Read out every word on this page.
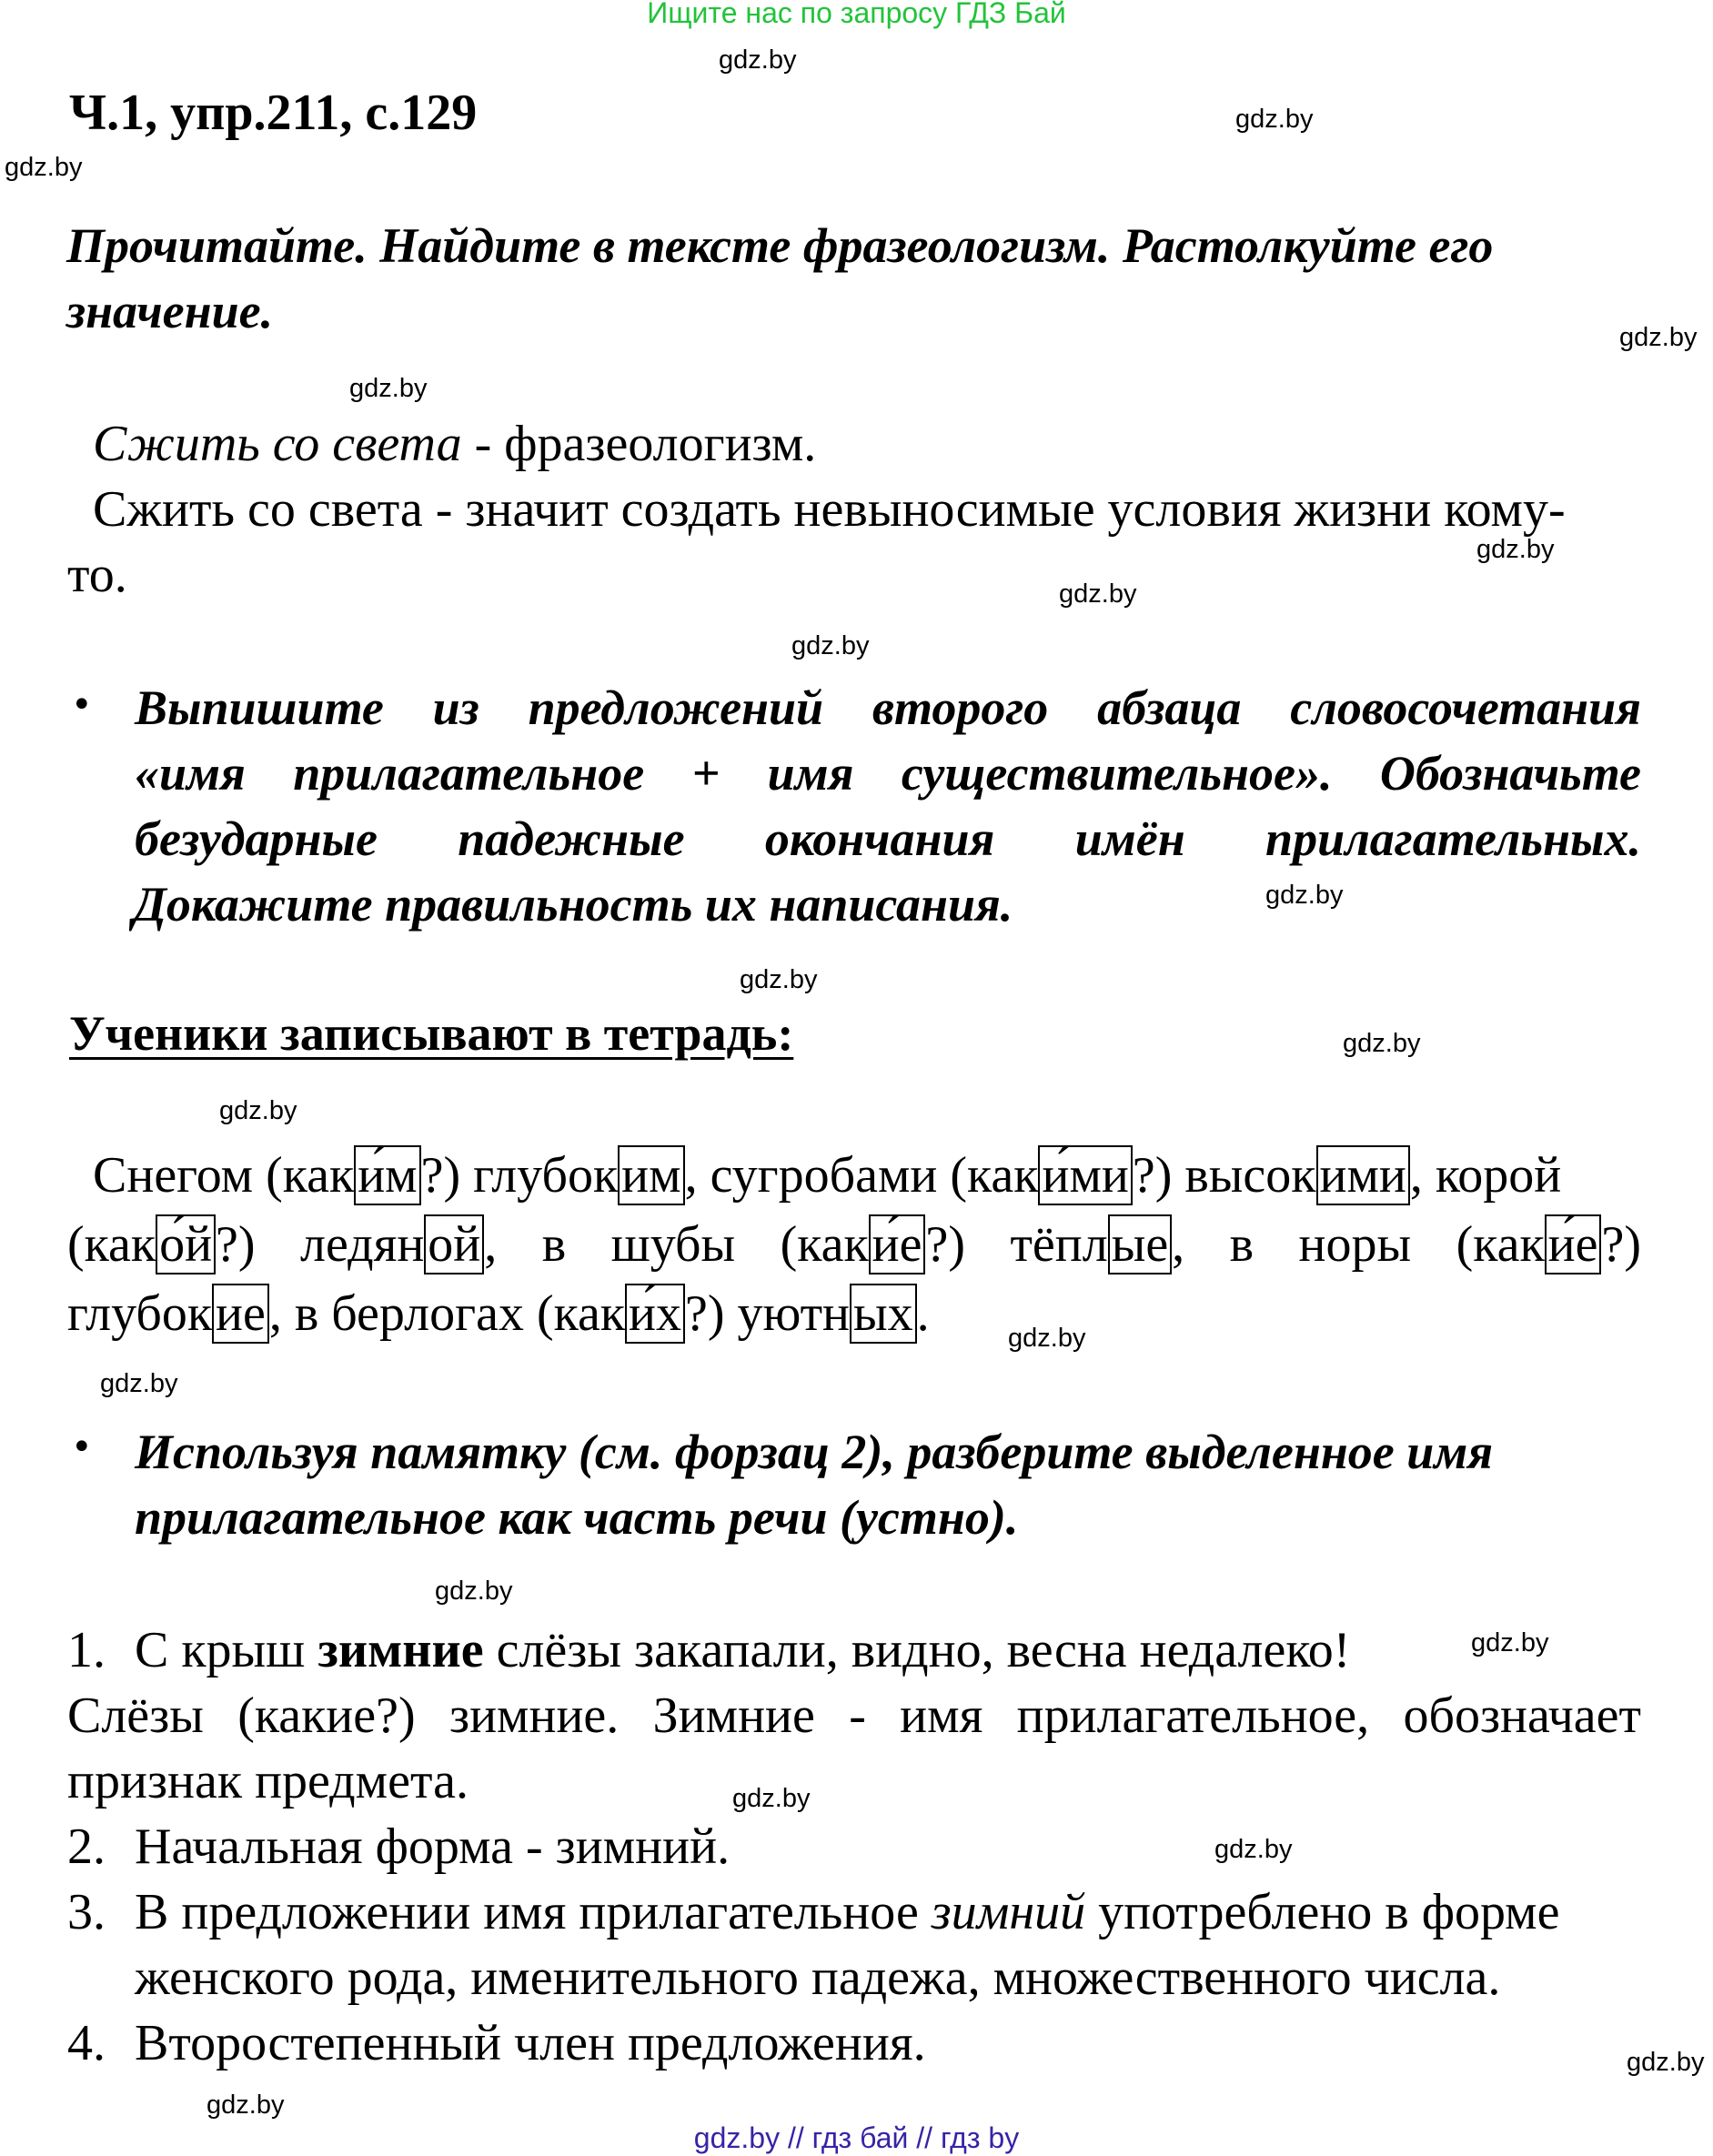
Ищите нас по запросу ГДЗ Бай
Ч.1, упр.211, с.129
gdz.by
gdz.by
gdz.by
gdz.by
gdz.by
gdz.by
gdz.by
gdz.by
gdz.by
gdz.by
gdz.by
gdz.by
gdz.by
gdz.by
gdz.by
gdz.by
gdz.by
gdz.by
gdz.by
gdz.by
Прочитайте. Найдите в тексте фразеологизм. Растолкуйте его
значение.
Сжить со света - фразеологизм.
Сжить со света - значит создать невыносимые условия жизни кому-
то.
• Выпишите из предложений второго абзаца словосочетания
«имя прилагательное + имя существительное». Обозначьте
безударные падежные окончания имён прилагательных.
Докажите правильность их написания.
Ученики записывают в тетрадь:
Снегом (каки́м?) глубоким, сугробами (каки́ми?) высокими, корой
(како́й?) ледяной, в шубы (каки́е?) тёплые, в норы (каки́е?)
глубокие, в берлогах (каки́х?) уютных.
• Используя памятку (см. форзац 2), разберите выделенное имя
прилагательное как часть речи (устно).
1. С крыш зимние слёзы закапали, видно, весна недалеко!
Слёзы (какие?) зимние. Зимние - имя прилагательное, обозначает
признак предмета.
2. Начальная форма - зимний.
3. В предложении имя прилагательное зимний употреблено в форме
женского рода, именительного падежа, множественного числа.
4. Второстепенный член предложения.
gdz.by // гдз бай // гдз by
